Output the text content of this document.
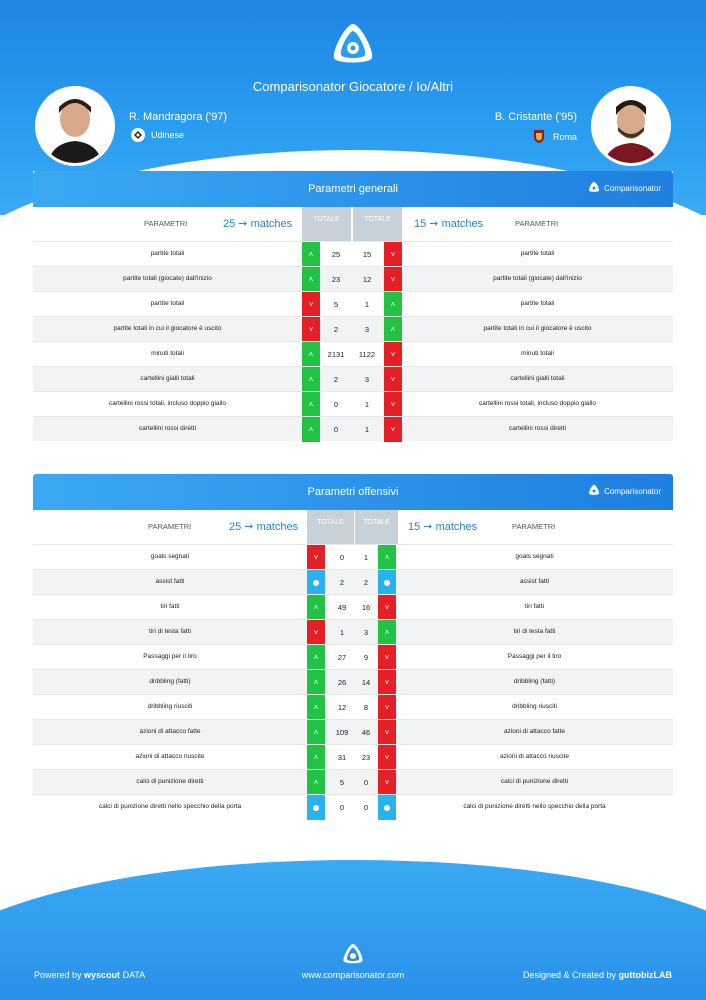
Comparisonator Giocatore / Io/Altri
R. Mandragora ('97)
Udinese
B. Cristante ('95)
Roma
Parametri generali	Comparisonator
PARAMETRI	25 ➙ matches	TOTALE	TOTALE 15 ➙ matches	PARAMETRI
partite totali	˄	25	15	˅	partite totali
partite totali (giocate) dall'inizio	˄	23	12	˅	partite totali (giocate) dall'inizio
partite totali	˅	5	1	˄	partite totali
partite totali in cui il giocatore è uscito	˅	2	3	˄	partite totali in cui il giocatore è uscito
minuti totali	˄	2131	1122	˅	minuti totali
cartellini gialli totali	˄	2	3	˅	cartellini gialli totali
cartellini rossi totali, incluso doppio giallo	˄	0	1	˅	cartellini rossi totali, incluso doppio giallo
cartellini rossi diretti	˄	0	1	˅	cartellini rossi diretti
Parametri offensivi	Comparisonator
PARAMETRI	25 ➙ matches	TOTALE	TOTALE 15 ➙ matches	PARAMETRI
goals segnati	˅	0	1	˄	goals segnati
assist fatti	2	2	assist fatti
tiri fatti	˄	49	16	˅	tiri fatti
tiri di testa fatti	˅	1	3	˄	tiri di testa fatti
Passaggi per il tiro	˄	27	9	˅	Passaggi per il tiro
dribbling (fatti)	˄	26	14	˅	dribbling (fatti)
dribbling riusciti	˄	12	8	˅	dribbling riusciti
azioni di attacco fatte	˄	109	46	˅	azioni di attacco fatte
azioni di attacco riuscite	˄	31	23	˅	azioni di attacco riuscite
calci di punizione diretti	˄	5	0	˅	calci di punizione diretti
calci di punizione diretti nello specchio della porta	0	0	calci di punizione diretti nello specchio della porta
Powered by wyscout DATA	www.comparisonator.com	Designed & Created by guttobizLAB
